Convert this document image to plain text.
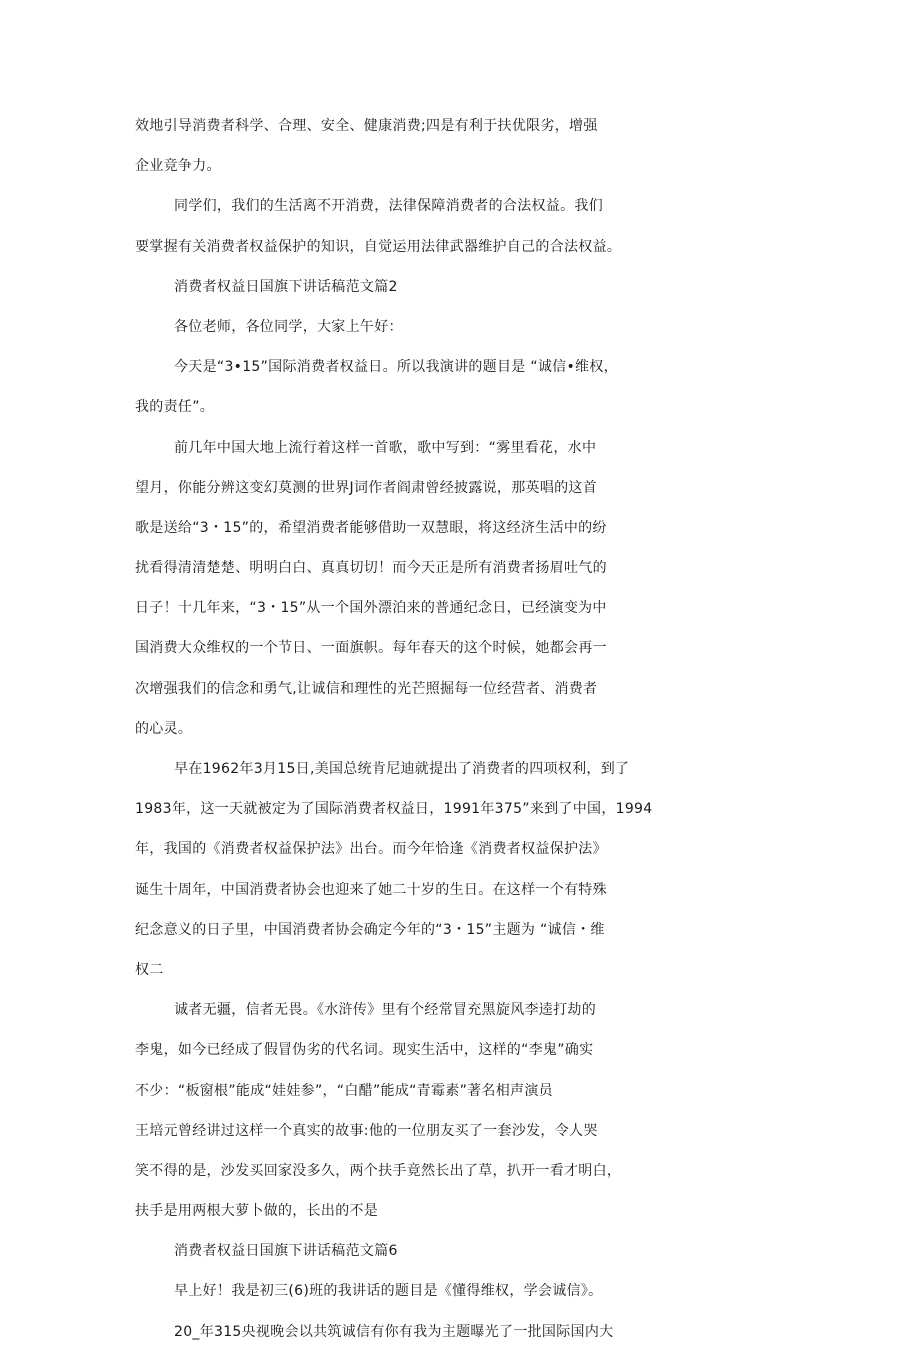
效地引导消费者科学、合理、安全、健康消费;四是有利于扶优限劣，增强
企业竞争力。
同学们，我们的生活离不开消费，法律保障消费者的合法权益。我们
要掌握有关消费者权益保护的知识，自觉运用法律武器维护自己的合法权益。
消费者权益日国旗下讲话稿范文篇2
各位老师，各位同学，大家上午好：
今天是“3•15”国际消费者权益日。所以我演讲的题目是 “诚信•维权，
我的责任”。
前几年中国大地上流行着这样一首歌，歌中写到：“雾里看花，水中
望月，你能分辨这变幻莫测的世界J词作者阎肃曾经披露说，那英唱的这首
歌是送给“3・15”的，希望消费者能够借助一双慧眼，将这经济生活中的纷
扰看得清清楚楚、明明白白、真真切切！而今天正是所有消费者扬眉吐气的
日子！十几年来，“3・15”从一个国外漂泊来的普通纪念日，已经演变为中
国消费大众维权的一个节日、一面旗帜。每年春天的这个时候，她都会再一
次增强我们的信念和勇气,让诚信和理性的光芒照掘每一位经营者、消费者
的心灵。
早在1962年3月15日,美国总统肯尼迪就提出了消费者的四项权利，到了
1983年，这一天就被定为了国际消费者权益日，1991年375”来到了中国，1994
年，我国的《消费者权益保护法》出台。而今年恰逢《消费者权益保护法》
诞生十周年，中国消费者协会也迎来了她二十岁的生日。在这样一个有特殊
纪念意义的日子里，中国消费者协会确定今年的“3・15”主题为 “诚信・维
权二
诚者无疆，信者无畏。《水浒传》里有个经常冒充黑旋风李逵打劫的
李鬼，如今已经成了假冒伪劣的代名词。现实生活中，这样的“李鬼”确实
不少：“板窗根”能成“娃娃参”，“白醋”能成“青霉素”著名相声演员
王培元曾经讲过这样一个真实的故事:他的一位朋友买了一套沙发，令人哭
笑不得的是，沙发买回家没多久，两个扶手竟然长出了草，扒开一看才明白，
扶手是用两根大萝卜做的，长出的不是
消费者权益日国旗下讲话稿范文篇6
早上好！我是初三(6)班的我讲话的题目是《懂得维权，学会诚信》。
20_年315央视晚会以共筑诚信有你有我为主题曝光了一批国际国内大
